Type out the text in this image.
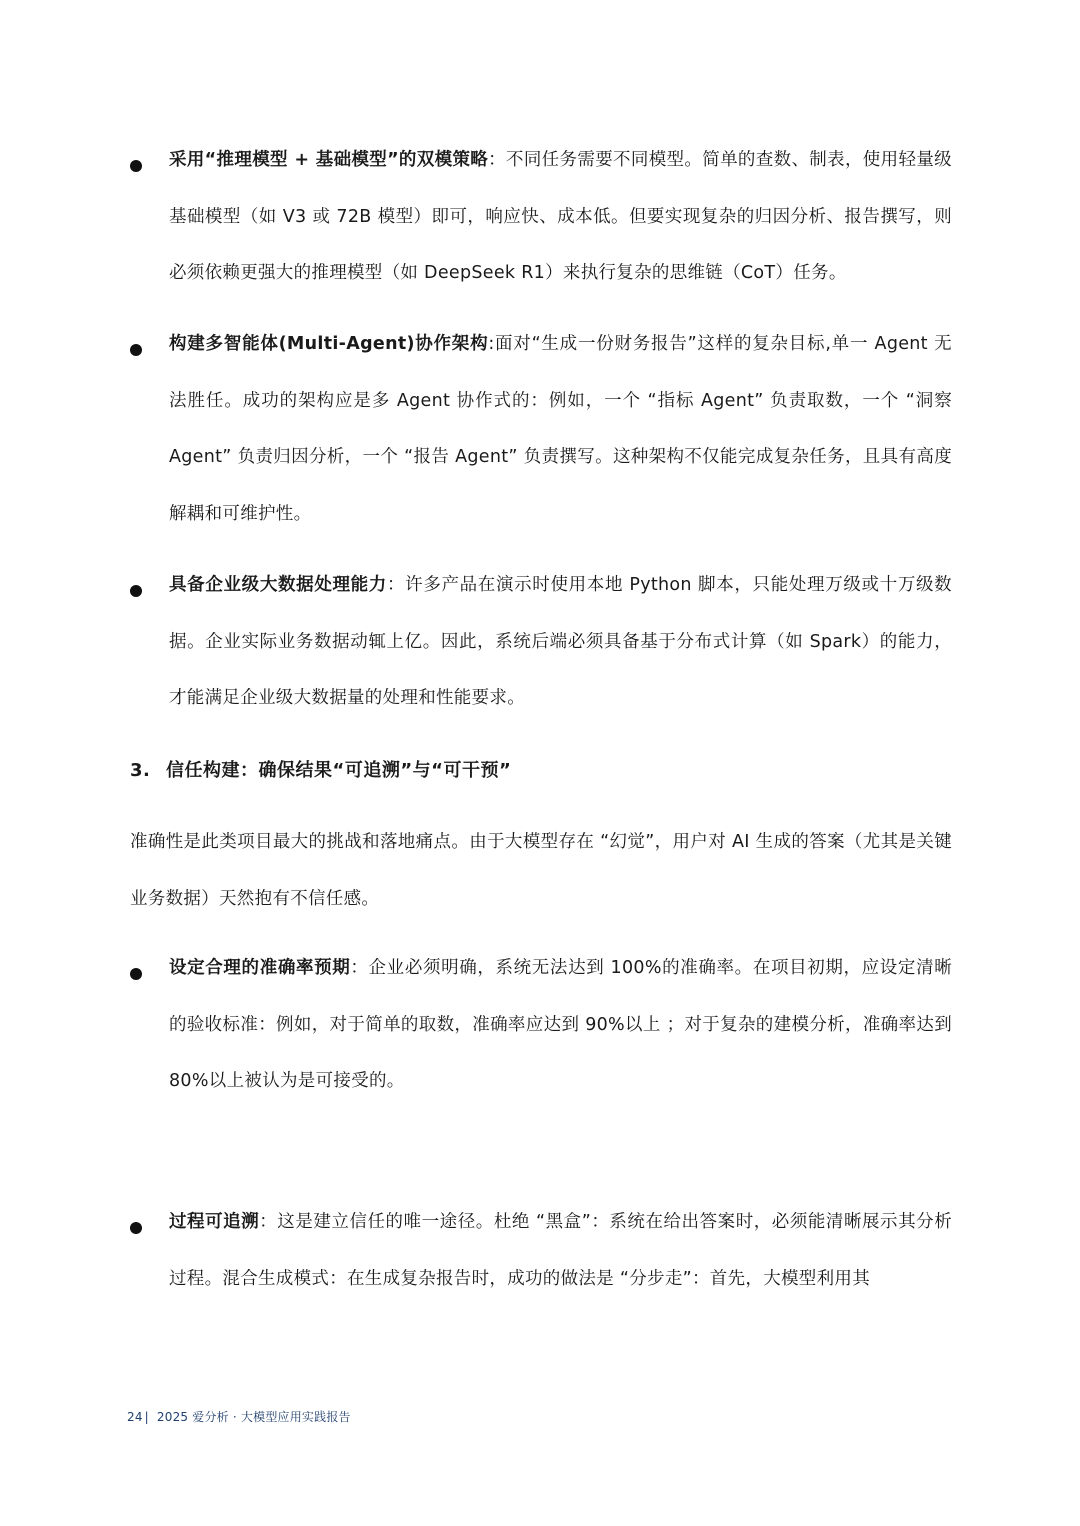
采用“推理模型 + 基础模型”的双模策略：不同任务需要不同模型。简单的查数、制表，使用轻量级基础模型（如 V3 或 72B 模型）即可，响应快、成本低。但要实现复杂的归因分析、报告撰写，则必须依赖更强大的推理模型（如 DeepSeek R1）来执行复杂的思维链（CoT）任务。
构建多智能体(Multi-Agent)协作架构:面对“生成一份财务报告”这样的复杂目标,单一 Agent 无法胜任。成功的架构应是多 Agent 协作式的：例如，一个 “指标 Agent” 负责取数，一个 “洞察 Agent” 负责归因分析，一个 “报告 Agent” 负责撰写。这种架构不仅能完成复杂任务，且具有高度解耦和可维护性。
具备企业级大数据处理能力：许多产品在演示时使用本地 Python 脚本，只能处理万级或十万级数据。企业实际业务数据动辄上亿。因此，系统后端必须具备基于分布式计算（如 Spark）的能力，才能满足企业级大数据量的处理和性能要求。
3. 信任构建：确保结果“可追溯”与“可干预”
准确性是此类项目最大的挑战和落地痛点。由于大模型存在 “幻觉”，用户对 AI 生成的答案（尤其是关键业务数据）天然抱有不信任感。
设定合理的准确率预期：企业必须明确，系统无法达到 100%的准确率。在项目初期，应设定清晰的验收标准：例如，对于简单的取数，准确率应达到 90%以上 ；对于复杂的建模分析，准确率达到 80%以上被认为是可接受的。
过程可追溯：这是建立信任的唯一途径。杜绝 “黑盒”：系统在给出答案时，必须能清晰展示其分析过程。混合生成模式：在生成复杂报告时，成功的做法是 “分步走”：首先，大模型利用其
24 | 2025 爱分析 · 大模型应用实践报告
